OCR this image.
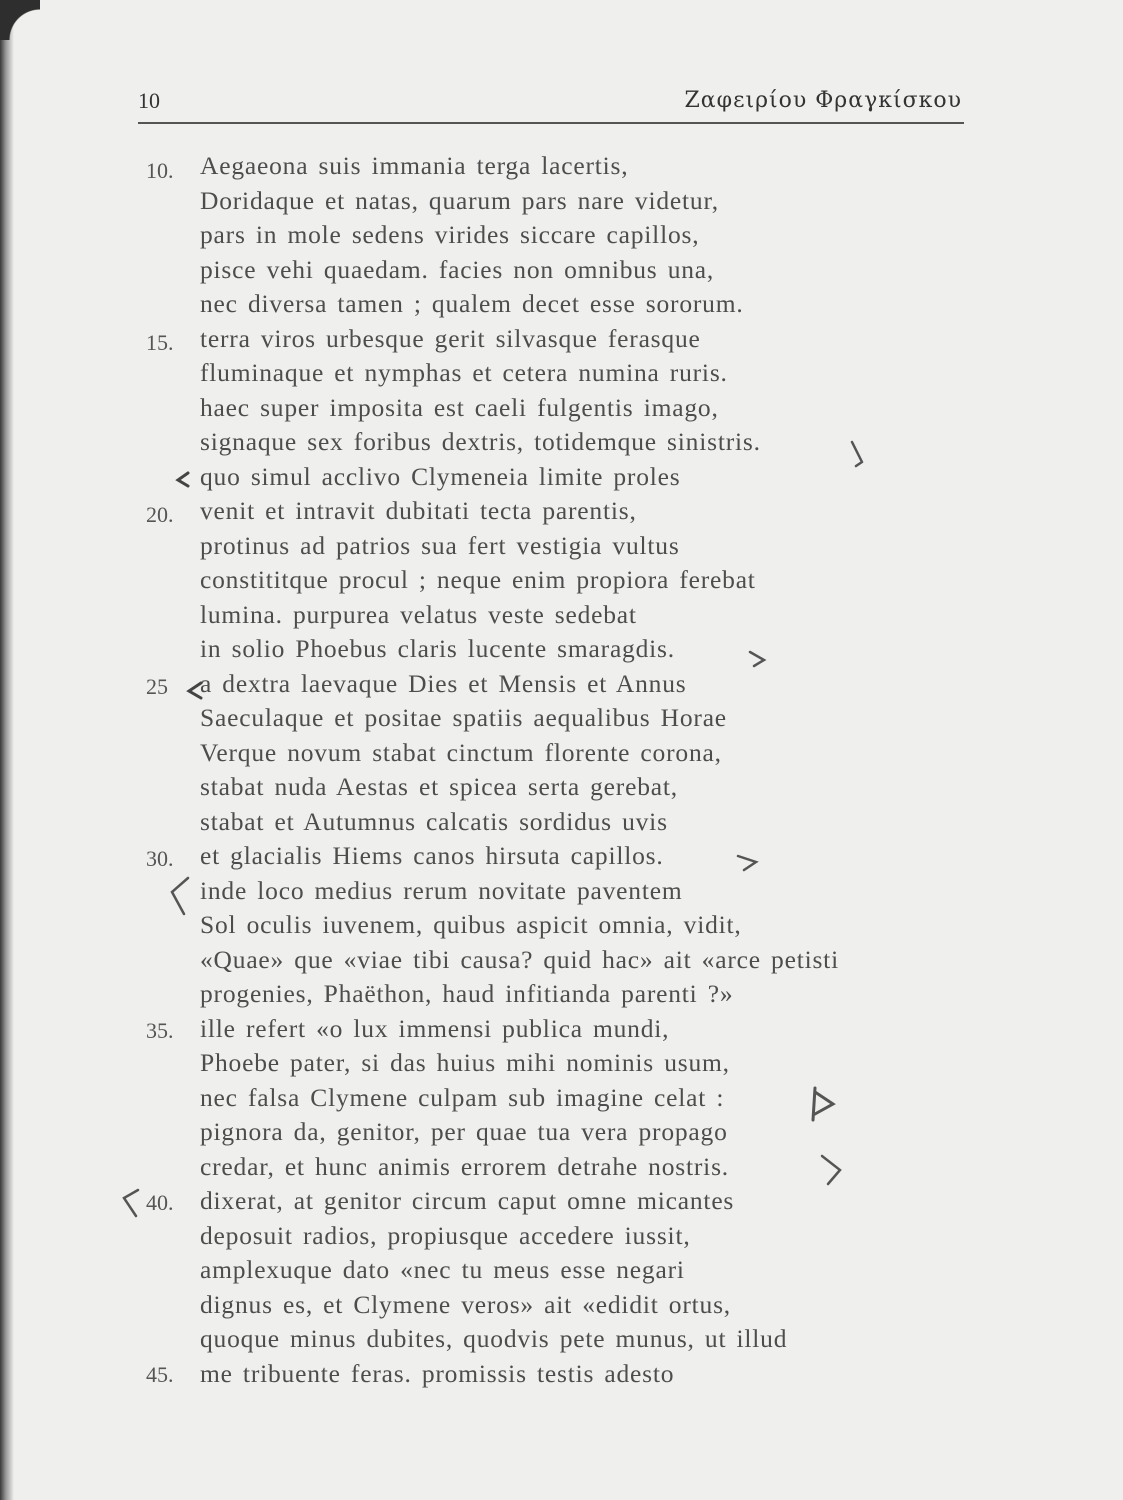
10	Ζαφειρίου Φραγκίσκου
10.
15.
20.
25
30.
35.
40.
45.
Aegaeona suis immania terga lacertis,
Doridaque et natas, quarum pars nare videtur,
pars in mole sedens virides siccare capillos,
pisce vehi quaedam. facies non omnibus una,
nec diversa tamen ; qualem decet esse sororum.
terra viros urbesque gerit silvasque ferasque
fluminaque et nymphas et cetera numina ruris.
haec super imposita est caeli fulgentis imago,
signaque sex foribus dextris, totidemque sinistris.
quo simul acclivo Clymeneia limite proles
venit et intravit dubitati tecta parentis,
protinus ad patrios sua fert vestigia vultus
constititque procul ; neque enim propiora ferebat
lumina. purpurea velatus veste sedebat
in solio Phoebus claris lucente smaragdis.
a dextra laevaque Dies et Mensis et Annus
Saeculaque et positae spatiis aequalibus Horae
Verque novum stabat cinctum florente corona,
stabat nuda Aestas et spicea serta gerebat,
stabat et Autumnus calcatis sordidus uvis
et glacialis Hiems canos hirsuta capillos.
inde loco medius rerum novitate paventem
Sol oculis iuvenem, quibus aspicit omnia, vidit,
«Quae» que «viae tibi causa? quid hac» ait «arce petisti
progenies, Phaëthon, haud infitianda parenti ?»
ille refert «o lux immensi publica mundi,
Phoebe pater, si das huius mihi nominis usum,
nec falsa Clymene culpam sub imagine celat :
pignora da, genitor, per quae tua vera propago
credar, et hunc animis errorem detrahe nostris.
dixerat, at genitor circum caput omne micantes
deposuit radios, propiusque accedere iussit,
amplexuque dato «nec tu meus esse negari
dignus es, et Clymene veros» ait «edidit ortus,
quoque minus dubites, quodvis pete munus, ut illud
me tribuente feras. promissis testis adesto
